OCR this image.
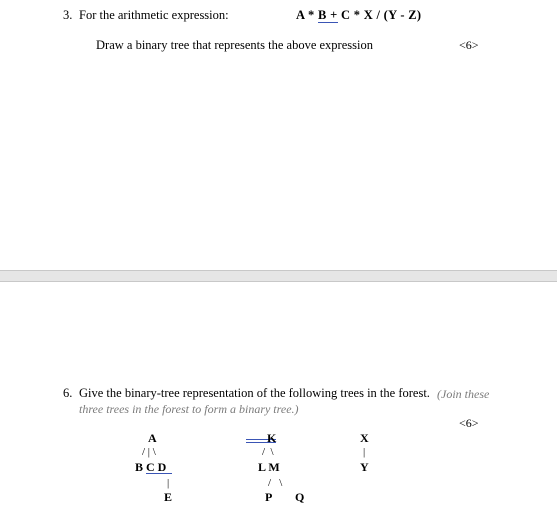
3. For the arithmetic expression:	A * B + C * X / (Y - Z)
Draw a binary tree that represents the above expression	<6>
6. Give the binary-tree representation of the following trees in the forest. (Join these
three trees in the forest to form a binary tree.)
<6>
A
/ | \
B C D
|
E
K
/  \
L M
/   \
P Q
X
|
Y
